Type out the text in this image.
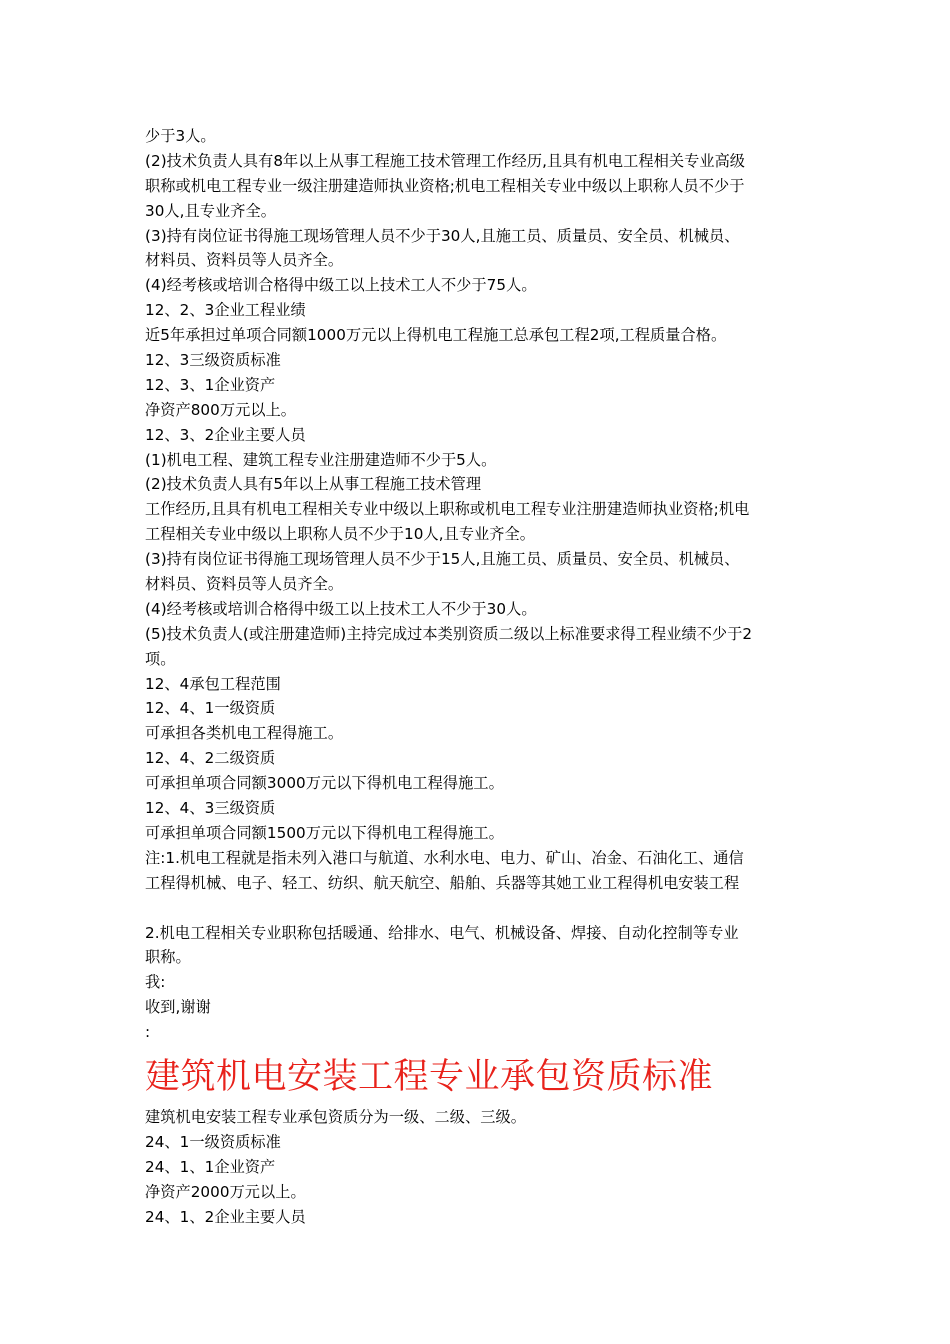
少于3人。
(2)技术负责人具有8年以上从事工程施工技术管理工作经历,且具有机电工程相关专业高级
职称或机电工程专业一级注册建造师执业资格;机电工程相关专业中级以上职称人员不少于
30人,且专业齐全。
(3)持有岗位证书得施工现场管理人员不少于30人,且施工员、质量员、安全员、机械员、
材料员、资料员等人员齐全。
(4)经考核或培训合格得中级工以上技术工人不少于75人。
12、2、3企业工程业绩
近5年承担过单项合同额1000万元以上得机电工程施工总承包工程2项,工程质量合格。
12、3三级资质标准
12、3、1企业资产
净资产800万元以上。
12、3、2企业主要人员
(1)机电工程、建筑工程专业注册建造师不少于5人。
(2)技术负责人具有5年以上从事工程施工技术管理
工作经历,且具有机电工程相关专业中级以上职称或机电工程专业注册建造师执业资格;机电
工程相关专业中级以上职称人员不少于10人,且专业齐全。
(3)持有岗位证书得施工现场管理人员不少于15人,且施工员、质量员、安全员、机械员、
材料员、资料员等人员齐全。
(4)经考核或培训合格得中级工以上技术工人不少于30人。
(5)技术负责人(或注册建造师)主持完成过本类别资质二级以上标准要求得工程业绩不少于2
项。
12、4承包工程范围
12、4、1一级资质
可承担各类机电工程得施工。
12、4、2二级资质
可承担单项合同额3000万元以下得机电工程得施工。
12、4、3三级资质
可承担单项合同额1500万元以下得机电工程得施工。
注:1.机电工程就是指未列入港口与航道、水利水电、电力、矿山、冶金、石油化工、通信
工程得机械、电子、轻工、纺织、航天航空、船舶、兵器等其她工业工程得机电安装工程
2.机电工程相关专业职称包括暖通、给排水、电气、机械设备、焊接、自动化控制等专业
职称。
我:
收到,谢谢
:
建筑机电安装工程专业承包资质标准
建筑机电安装工程专业承包资质分为一级、二级、三级。
24、1一级资质标准
24、1、1企业资产
净资产2000万元以上。
24、1、2企业主要人员
